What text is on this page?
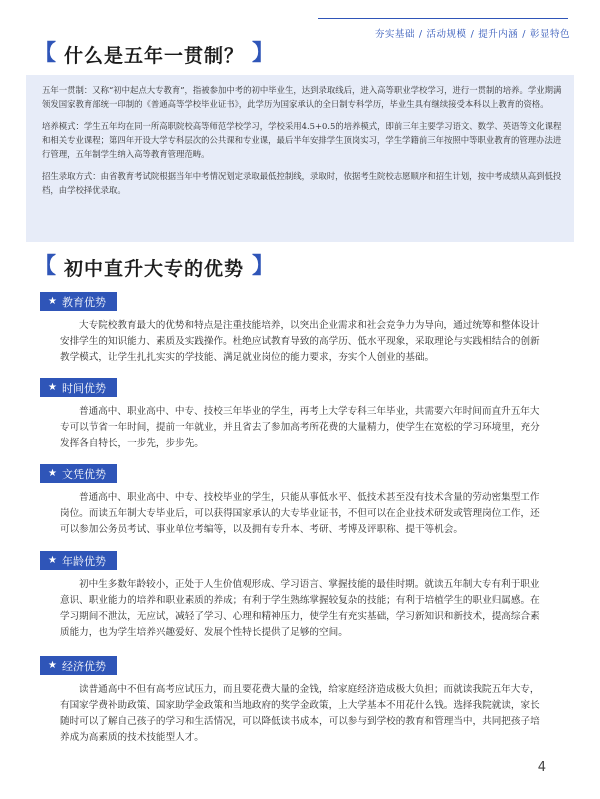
夯实基础 / 活动规模 / 提升内涵 / 彰显特色
【 什么是五年一贯制？ 】

五年一贯制：又称“初中起点大专教育”，指被参加中考的初中毕业生，达到录取线后，进入高等职业学校学习，进行一贯制的培养。学业期满领发国家教育部统一印制的《普通高等学校毕业证书》，此学历为国家承认的全日制专科学历，毕业生具有继续接受本科以上教育的资格。

培养模式：学生五年均在同一所高职院校高等师范学校学习，学校采用4.5+0.5的培养模式，即前三年主要学习语文、数学、英语等文化课程和相关专业课程；第四年开设大学专科层次的公共课和专业课，最后半年安排学生顶岗实习，学生学籍前三年按照中等职业教育的管理办法进行管理，五年制学生纳入高等教育管理范畴。

招生录取方式：由省教育考试院根据当年中考情况划定录取最低控制线，录取时，依据考生院校志愿顺序和招生计划，按中考成绩从高到低投档，由学校择优录取。

【 初中直升大专的优势 】
★ 教育优势

大专院校教育最大的优势和特点是注重技能培养，以突出企业需求和社会竞争力为导向，通过统筹和整体设计安排学生的知识能力、素质及实践操作。杜绝应试教育导致的高学历、低水平现象，采取理论与实践相结合的创新教学模式，让学生扎扎实实的学技能、满足就业岗位的能力要求，夯实个人创业的基础。

★ 时间优势

普通高中、职业高中、中专、技校三年毕业的学生，再考上大学专科三年毕业，共需要六年时间而直升五年大专可以节省一年时间，提前一年就业，并且省去了参加高考所花费的大量精力，使学生在宽松的学习环境里，充分发挥各自特长，一步先，步步先。

★ 文凭优势

普通高中、职业高中、中专、技校毕业的学生，只能从事低水平、低技术甚至没有技术含量的劳动密集型工作岗位。而读五年制大专毕业后，可以获得国家承认的大专毕业证书，不但可以在企业技术研发或管理岗位工作，还可以参加公务员考试、事业单位考编等，以及拥有专升本、考研、考博及评职称、提干等机会。

★ 年龄优势

初中生多数年龄较小，正处于人生价值观形成、学习语言、掌握技能的最佳时期。就读五年制大专有利于职业意识、职业能力的培养和职业素质的养成；有利于学生熟练掌握较复杂的技能；有利于培植学生的职业归属感。在学习期间不泄汰，无应试，减轻了学习、心理和精神压力，使学生有充实基础，学习新知识和新技术，提高综合素质能力，也为学生培养兴趣爱好、发展个性特长提供了足够的空间。

★ 经济优势

读普通高中不但有高考应试压力，而且要花费大量的金钱，给家庭经济造成极大负担；而就读我院五年大专，有国家学费补助政策、国家助学金政策和当地政府的奖学金政策，上大学基本不用花什么钱。选择我院就读，家长随时可以了解自己孩子的学习和生活情况，可以降低读书成本，可以参与到学校的教育和管理当中，共同把孩子培养成为高素质的技术技能型人才。

4
